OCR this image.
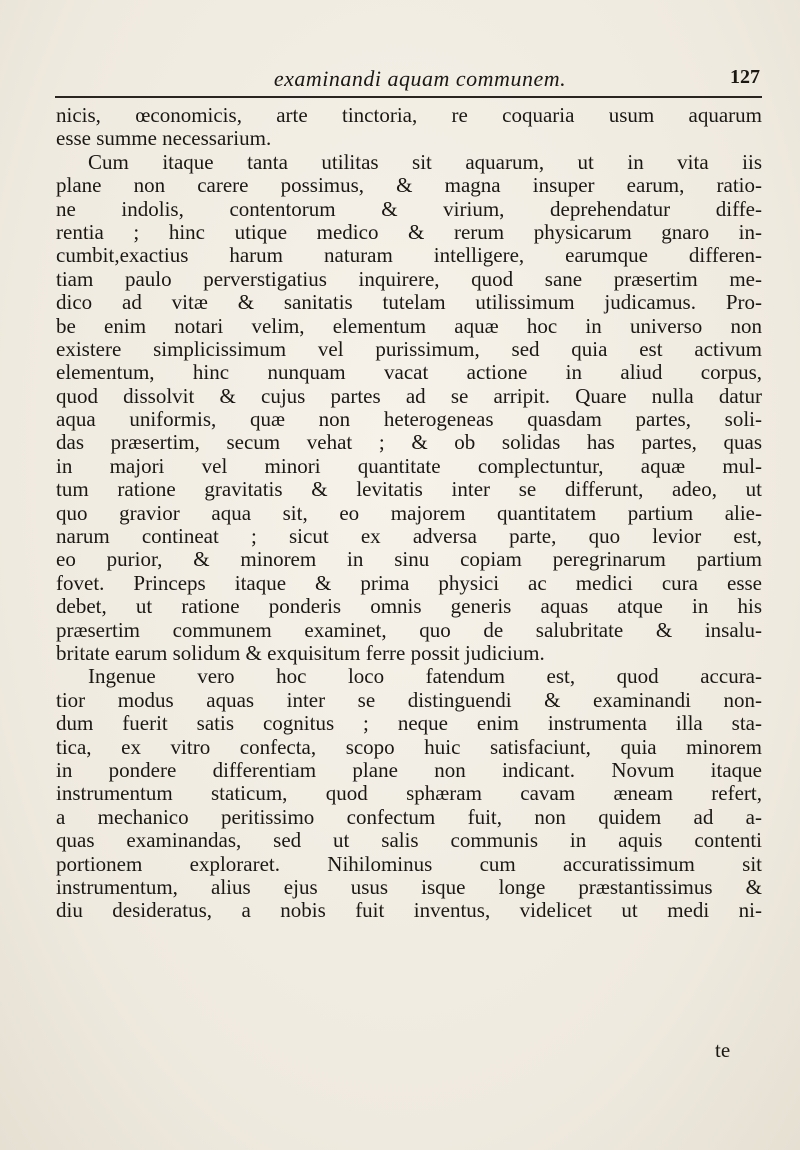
examinandi aquam communem.	127
nicis, œconomicis, arte tinctoria, re coquaria usum aquarum
esse summe necessarium.
Cum itaque tanta utilitas sit aquarum, ut in vita iis
plane non carere possimus, & magna insuper earum, ratio-
ne indolis, contentorum & virium, deprehendatur diffe-
rentia ; hinc utique medico & rerum physicarum gnaro in-
cumbit,exactius harum naturam intelligere, earumque differen-
tiam paulo perverstigatius inquirere, quod sane præsertim me-
dico ad vitæ & sanitatis tutelam utilissimum judicamus. Pro-
be enim notari velim, elementum aquæ hoc in universo non
existere simplicissimum vel purissimum, sed quia est activum
elementum, hinc nunquam vacat actione in aliud corpus,
quod dissolvit & cujus partes ad se arripit. Quare nulla datur
aqua uniformis, quæ non heterogeneas quasdam partes, soli-
das præsertim, secum vehat ; & ob solidas has partes, quas
in majori vel minori quantitate complectuntur, aquæ mul-
tum ratione gravitatis & levitatis inter se differunt, adeo, ut
quo gravior aqua sit, eo majorem quantitatem partium alie-
narum contineat ; sicut ex adversa parte, quo levior est,
eo purior, & minorem in sinu copiam peregrinarum partium
fovet. Princeps itaque & prima physici ac medici cura esse
debet, ut ratione ponderis omnis generis aquas atque in his
præsertim communem examinet, quo de salubritate & insalu-
britate earum solidum & exquisitum ferre possit judicium.
Ingenue vero hoc loco fatendum est, quod accura-
tior modus aquas inter se distinguendi & examinandi non-
dum fuerit satis cognitus ; neque enim instrumenta illa sta-
tica, ex vitro confecta, scopo huic satisfaciunt, quia minorem
in pondere differentiam plane non indicant. Novum itaque
instrumentum staticum, quod sphæram cavam æneam refert,
a mechanico peritissimo confectum fuit, non quidem ad a-
quas examinandas, sed ut salis communis in aquis contenti
portionem exploraret. Nihilominus cum accuratissimum sit
instrumentum, alius ejus usus isque longe præstantissimus &
diu desideratus, a nobis fuit inventus, videlicet ut medi ni-
te
